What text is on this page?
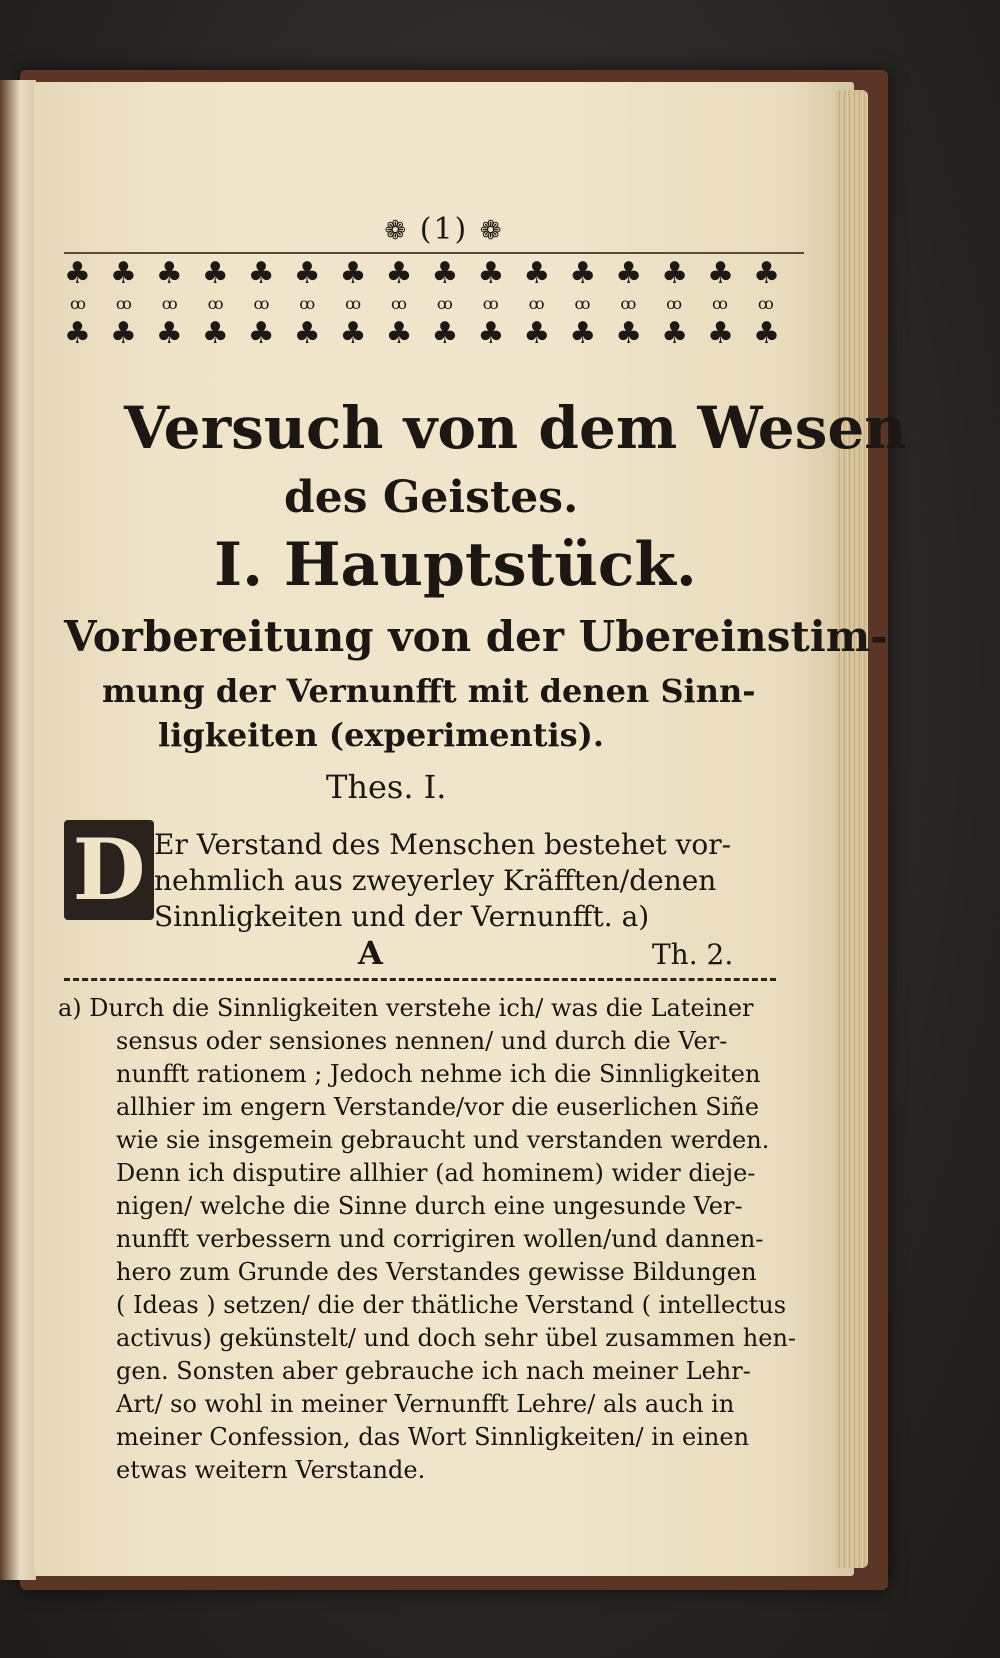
❁ (1) ❁
♣ ♣ ♣ ♣ ♣ ♣ ♣ ♣ ♣ ♣ ♣ ♣ ♣ ♣ ♣ ♣
ꝏ ꝏ ꝏ ꝏ ꝏ ꝏ ꝏ ꝏ ꝏ ꝏ ꝏ ꝏ ꝏ ꝏ ꝏ ꝏ
♣ ♣ ♣ ♣ ♣ ♣ ♣ ♣ ♣ ♣ ♣ ♣ ♣ ♣ ♣ ♣
Versuch von dem Wesen
des Geistes.
I. Hauptstück.
Vorbereitung von der Ubereinstim-
mung der Vernunfft mit denen Sinn-
ligkeiten (experimentis).
Thes. I.
D Er Verstand des Menschen bestehet vor-
nehmlich aus zweyerley Kräfften/denen
Sinnligkeiten und der Vernunfft. a)
A	Th. 2.
a) Durch die Sinnligkeiten verstehe ich/ was die Lateiner
sensus oder sensiones nennen/ und durch die Ver-
nunfft rationem ; Jedoch nehme ich die Sinnligkeiten
allhier im engern Verstande/vor die euserlichen Siñe
wie sie insgemein gebraucht und verstanden werden.
Denn ich disputire allhier (ad hominem) wider dieje-
nigen/ welche die Sinne durch eine ungesunde Ver-
nunfft verbessern und corrigiren wollen/und dannen-
hero zum Grunde des Verstandes gewisse Bildungen
( Ideas ) setzen/ die der thätliche Verstand ( intellectus
activus) gekünstelt/ und doch sehr übel zusammen hen-
gen. Sonsten aber gebrauche ich nach meiner Lehr-
Art/ so wohl in meiner Vernunfft Lehre/ als auch in
meiner Confession, das Wort Sinnligkeiten/ in einen
etwas weitern Verstande.
